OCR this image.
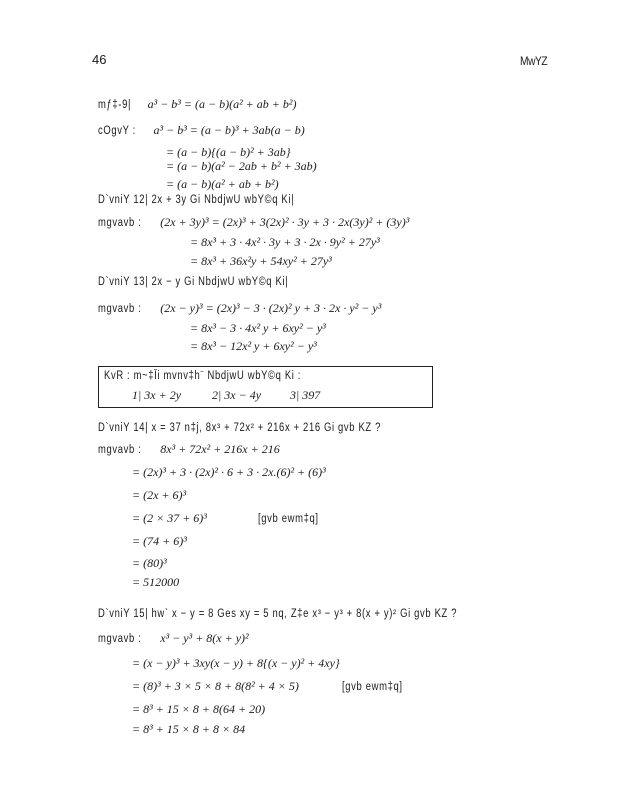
46	MwYZ
mƒ‡-9| a³ − b³ = (a − b)(a² + ab + b²)
cÖgvY : a³ − b³ = (a − b)³ + 3ab(a − b)
= (a − b){(a − b)² + 3ab}
= (a − b)(a² − 2ab + b² + 3ab)
= (a − b)(a² + ab + b²)
D`vniY 12| 2x + 3y Gi NbdjwU wbY©q Ki|
mgvavb : (2x + 3y)³ = (2x)³ + 3(2x)² · 3y + 3 · 2x(3y)² + (3y)³
= 8x³ + 3 · 4x² · 3y + 3 · 2x · 9y² + 27y³
= 8x³ + 36x²y + 54xy² + 27y³
D`vniY 13| 2x − y Gi NbdjwU wbY©q Ki|
mgvavb : (2x − y)³ = (2x)³ − 3 · (2x)² y + 3 · 2x · y² − y³
= 8x³ − 3 · 4x² y + 6xy² − y³
= 8x³ − 12x² y + 6xy² − y³
KvR : m~‡Îi mvnv‡h¨ NbdjwU wbY©q Ki :
1| 3x + 2y	2| 3x − 4y 3| 397
D`vniY 14| x = 37 n‡j, 8x³ + 72x² + 216x + 216 Gi gvb KZ ?
mgvavb : 8x³ + 72x² + 216x + 216
= (2x)³ + 3 · (2x)² · 6 + 3 · 2x.(6)² + (6)³
= (2x + 6)³
= (2 × 37 + 6)³	[gvb ewm‡q]
= (74 + 6)³
= (80)³
= 512000
D`vniY 15| hw` x − y = 8 Ges xy = 5 nq, Z‡e x³ − y³ + 8(x + y)² Gi gvb KZ ?
mgvavb : x³ − y³ + 8(x + y)²
= (x − y)³ + 3xy(x − y) + 8{(x − y)² + 4xy}
= (8)³ + 3 × 5 × 8 + 8(8² + 4 × 5)	[gvb ewm‡q]
= 8³ + 15 × 8 + 8(64 + 20)
= 8³ + 15 × 8 + 8 × 84
